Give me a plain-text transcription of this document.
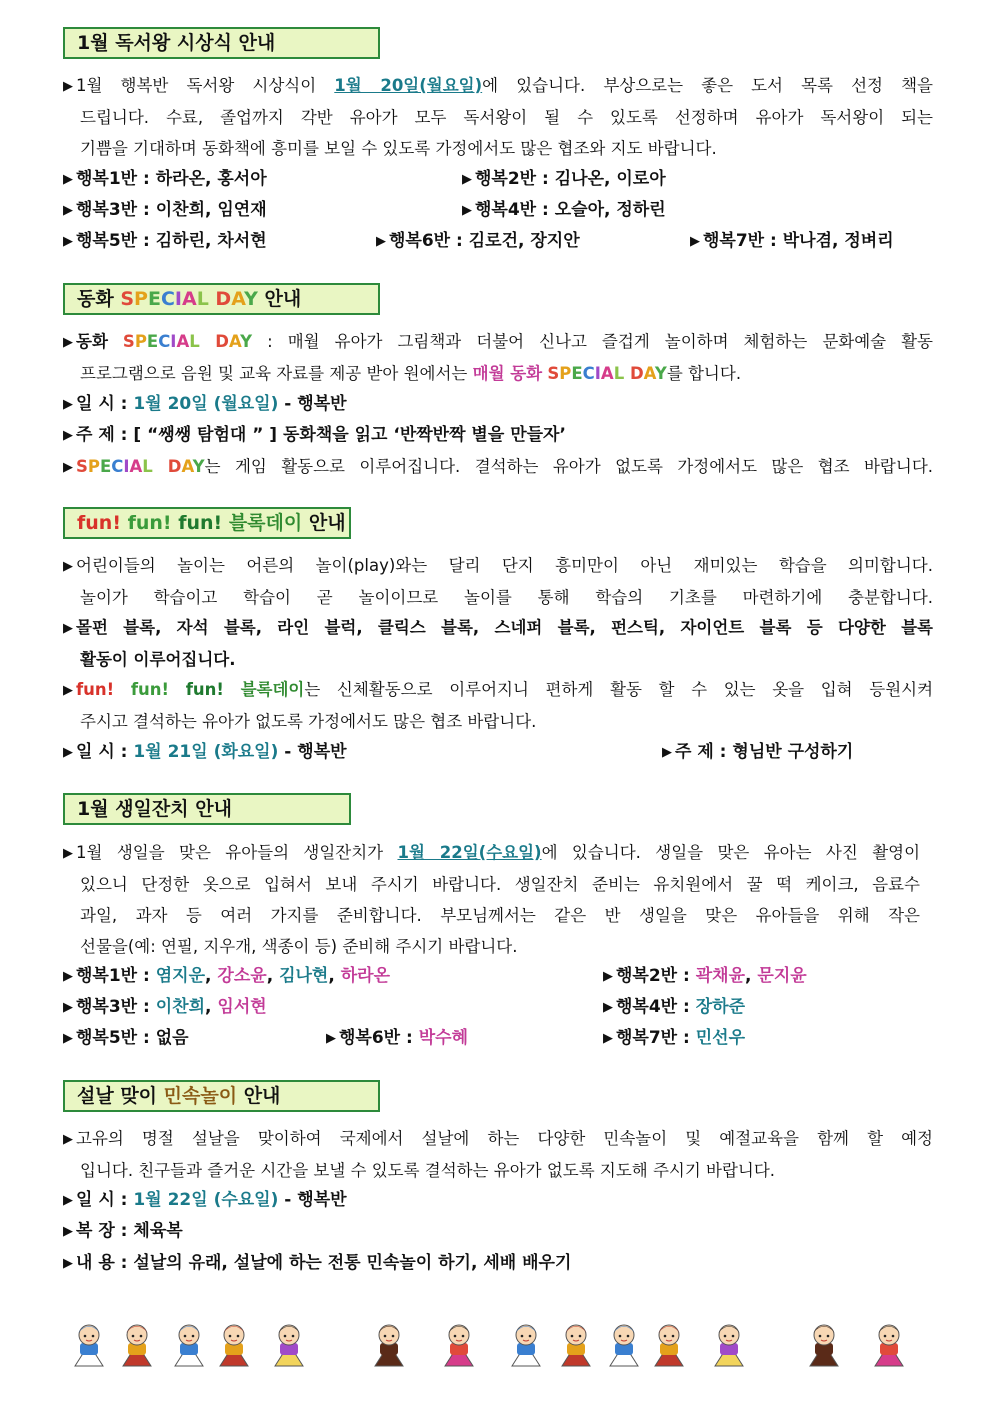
1월 독서왕 시상식 안내
▶ 1월 행복반 독서왕 시상식이 1월 20일(월요일)에 있습니다. 부상으로는 좋은 도서 목록 선정 책을
드립니다. 수료, 졸업까지 각반 유아가 모두 독서왕이 될 수 있도록 선정하며 유아가 독서왕이 되는
기쁨을 기대하며 동화책에 흥미를 보일 수 있도록 가정에서도 많은 협조와 지도 바랍니다.
▶ 행복1반 : 하라온, 홍서아	▶ 행복2반 : 김나온, 이로아
▶ 행복3반 : 이찬희, 임연재	▶ 행복4반 : 오슬아, 정하린
▶ 행복5반 : 김하린, 차서현	▶ 행복6반 : 김로건, 장지안	▶ 행복7반 : 박나겸, 정벼리
동화 SPECIAL DAY 안내
▶ 동화 SPECIAL DAY : 매월 유아가 그림책과 더불어 신나고 즐겁게 놀이하며 체험하는 문화예술 활동
프로그램으로 음원 및 교육 자료를 제공 받아 원에서는 매월 동화 SPECIAL DAY를 합니다.
▶ 일 시 : 1월 20일 (월요일) - 행복반
▶ 주 제 : [ “쌩쌩 탐험대 ” ] 동화책을 읽고 ‘반짝반짝 별을 만들자’
▶ SPECIAL DAY는 게임 활동으로 이루어집니다. 결석하는 유아가 없도록 가정에서도 많은 협조 바랍니다.
fun! fun! fun! 블록데이 안내
▶ 어린이들의 놀이는 어른의 놀이(play)와는 달리 단지 흥미만이 아닌 재미있는 학습을 의미합니다.
놀이가 학습이고 학습이 곧 놀이이므로 놀이를 통해 학습의 기초를 마련하기에 충분합니다.
▶ 몰펀 블록, 자석 블록, 라인 블럭, 클릭스 블록, 스네퍼 블록, 펀스틱, 자이언트 블록 등 다양한 블록
활동이 이루어집니다.
▶ fun! fun! fun! 블록데이는 신체활동으로 이루어지니 편하게 활동 할 수 있는 옷을 입혀 등원시켜
주시고 결석하는 유아가 없도록 가정에서도 많은 협조 바랍니다.
▶ 일 시 : 1월 21일 (화요일) - 행복반	▶ 주 제 : 형님반 구성하기
1월 생일잔치 안내
▶ 1월 생일을 맞은 유아들의 생일잔치가 1월 22일(수요일)에 있습니다. 생일을 맞은 유아는 사진 촬영이
있으니 단정한 옷으로 입혀서 보내 주시기 바랍니다. 생일잔치 준비는 유치원에서 꿀 떡 케이크, 음료수
과일, 과자 등 여러 가지를 준비합니다. 부모님께서는 같은 반 생일을 맞은 유아들을 위해 작은
선물을(예: 연필, 지우개, 색종이 등) 준비해 주시기 바랍니다.
▶ 행복1반 : 염지운, 강소윤, 김나현, 하라온	▶ 행복2반 : 곽채윤, 문지윤
▶ 행복3반 : 이찬희, 임서현	▶ 행복4반 : 장하준
▶ 행복5반 : 없음	▶ 행복6반 : 박수혜	▶ 행복7반 : 민선우
설날 맞이 민속놀이 안내
▶ 고유의 명절 설날을 맞이하여 국제에서 설날에 하는 다양한 민속놀이 및 예절교육을 함께 할 예정
입니다. 친구들과 즐거운 시간을 보낼 수 있도록 결석하는 유아가 없도록 지도해 주시기 바랍니다.
▶ 일 시 : 1월 22일 (수요일) - 행복반
▶ 복 장 : 체육복
▶ 내 용 : 설날의 유래, 설날에 하는 전통 민속놀이 하기, 세배 배우기
